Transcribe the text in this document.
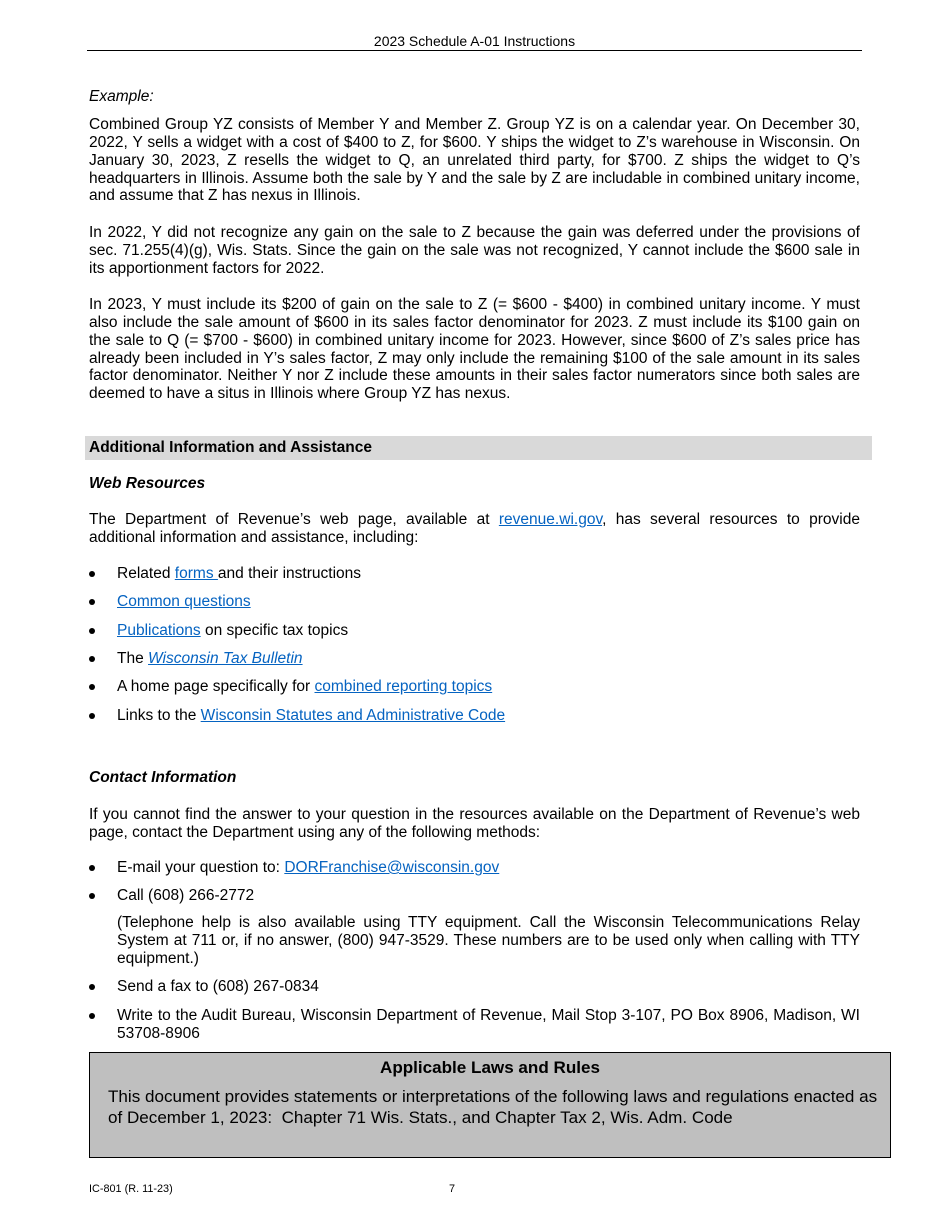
2023 Schedule A-01 Instructions
Example:

Combined Group YZ consists of Member Y and Member Z. Group YZ is on a calendar year. On December 30, 2022, Y sells a widget with a cost of $400 to Z, for $600. Y ships the widget to Z’s warehouse in Wisconsin. On January 30, 2023, Z resells the widget to Q, an unrelated third party, for $700. Z ships the widget to Q’s headquarters in Illinois. Assume both the sale by Y and the sale by Z are includable in combined unitary income, and assume that Z has nexus in Illinois.

In 2022, Y did not recognize any gain on the sale to Z because the gain was deferred under the provisions of sec. 71.255(4)(g), Wis. Stats. Since the gain on the sale was not recognized, Y cannot include the $600 sale in its apportionment factors for 2022.

In 2023, Y must include its $200 of gain on the sale to Z (= $600 - $400) in combined unitary income. Y must also include the sale amount of $600 in its sales factor denominator for 2023. Z must include its $100 gain on the sale to Q (= $700 - $600) in combined unitary income for 2023. However, since $600 of Z’s sales price has already been included in Y’s sales factor, Z may only include the remaining $100 of the sale amount in its sales factor denominator. Neither Y nor Z include these amounts in their sales factor numerators since both sales are deemed to have a situs in Illinois where Group YZ has nexus.

Additional Information and Assistance
Web Resources

The Department of Revenue’s web page, available at revenue.wi.gov, has several resources to provide additional information and assistance, including:

Related forms and their instructions
Common questions
Publications on specific tax topics
The Wisconsin Tax Bulletin
A home page specifically for combined reporting topics
Links to the Wisconsin Statutes and Administrative Code
Contact Information

If you cannot find the answer to your question in the resources available on the Department of Revenue’s web page, contact the Department using any of the following methods:

E-mail your question to: DORFranchise@wisconsin.gov
Call (608) 266-2772

(Telephone help is also available using TTY equipment. Call the Wisconsin Telecommunications Relay System at 711 or, if no answer, (800) 947-3529. These numbers are to be used only when calling with TTY equipment.)

Send a fax to (608) 267-0834
Write to the Audit Bureau, Wisconsin Department of Revenue, Mail Stop 3-107, PO Box 8906, Madison, WI 53708-8906
Applicable Laws and Rules
This document provides statements or interpretations of the following laws and regulations enacted as of December 1, 2023:  Chapter 71 Wis. Stats., and Chapter Tax 2, Wis. Adm. Code
IC-801 (R. 11-23)	7
